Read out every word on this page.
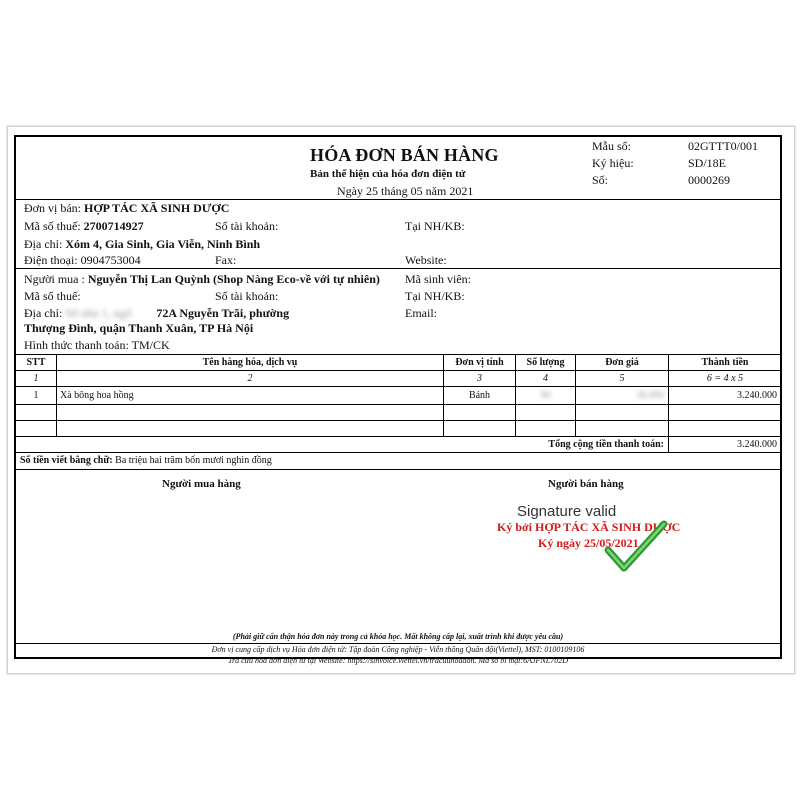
HÓA ĐƠN BÁN HÀNG
Bản thể hiện của hóa đơn điện tử
Ngày 25 tháng 05 năm 2021
Mẫu số:	02GTTT0/001
Ký hiệu:	SD/18E
Số:	0000269
Đơn vị bán: HỢP TÁC XÃ SINH DƯỢC
Mã số thuế: 2700714927	Số tài khoản:	Tại NH/KB:
Địa chỉ: Xóm 4, Gia Sinh, Gia Viễn, Ninh Bình
Điện thoại: 0904753004	Fax:	Website:
Người mua : Nguyễn Thị Lan Quỳnh (Shop Nàng Eco-về với tự nhiên) Mã sinh viên:
Mã số thuế:	Số tài khoản:	Tại NH/KB:
Địa chỉ: Số nhà 1, ngõ 72A Nguyễn Trãi, phường	Email:
Thượng Đình, quận Thanh Xuân, TP Hà Nội
Hình thức thanh toán: TM/CK
STT	Tên hàng hóa, dịch vụ	Đơn vị tính	Số lượng	Đơn giá	Thành tiền
1	2	3	4	5	6 = 4 x 5
1	Xà bông hoa hồng	Bánh	90	36.000	3.240.000
Tổng cộng tiền thanh toán:	3.240.000
Số tiền viết bằng chữ: Ba triệu hai trăm bốn mươi nghìn đồng
Người mua hàng	Người bán hàng
Signature valid
Ký bởi HỢP TÁC XÃ SINH DƯỢC
Ký ngày 25/05/2021
(Phải giữ cẩn thận hóa đơn này trong cả khóa học. Mất không cấp lại, xuất trình khi được yêu cầu)
Đơn vị cung cấp dịch vụ Hóa đơn điện tử: Tập đoàn Công nghiệp - Viễn thông Quân đội(Viettel), MST: 0100109106
Tra cứu hóa đơn điện tử tại Website: https://sinvoice.viettel.vn/tracuuhoadon. Mã số bí mật:6AJFNL702D
